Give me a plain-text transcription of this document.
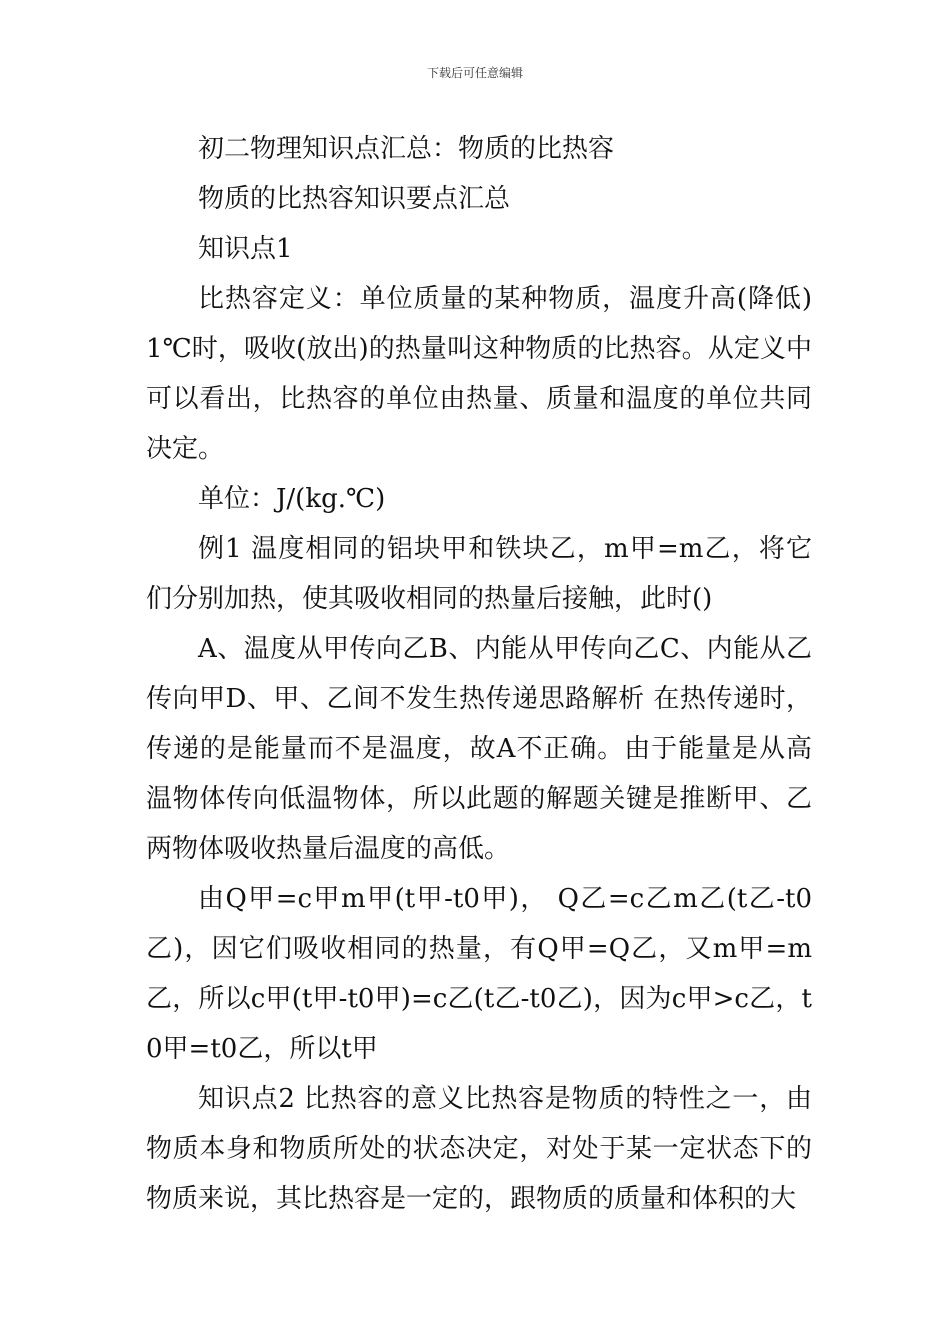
下载后可任意编辑

初二物理知识点汇总：物质的比热容

物质的比热容知识要点汇总

知识点1

比热容定义：单位质量的某种物质，温度升高(降低)1℃时，吸收(放出)的热量叫这种物质的比热容。从定义中可以看出，比热容的单位由热量、质量和温度的单位共同决定。

单位：J/(kg.℃)

例1 温度相同的铝块甲和铁块乙，m甲=m乙，将它们分别加热，使其吸收相同的热量后接触，此时()

A、温度从甲传向乙B、内能从甲传向乙C、内能从乙传向甲D、甲、乙间不发生热传递思路解析 在热传递时，传递的是能量而不是温度，故A不正确。由于能量是从高温物体传向低温物体，所以此题的解题关键是推断甲、乙两物体吸收热量后温度的高低。

由Q甲=c甲m甲(t甲-t0甲)， Q乙=c乙m乙(t乙-t0乙)，因它们吸收相同的热量，有Q甲=Q乙，又m甲=m乙，所以c甲(t甲-t0甲)=c乙(t乙-t0乙)，因为c甲>c乙，t0甲=t0乙，所以t甲

知识点2 比热容的意义比热容是物质的特性之一，由物质本身和物质所处的状态决定，对处于某一定状态下的物质来说，其比热容是一定的，跟物质的质量和体积的大
